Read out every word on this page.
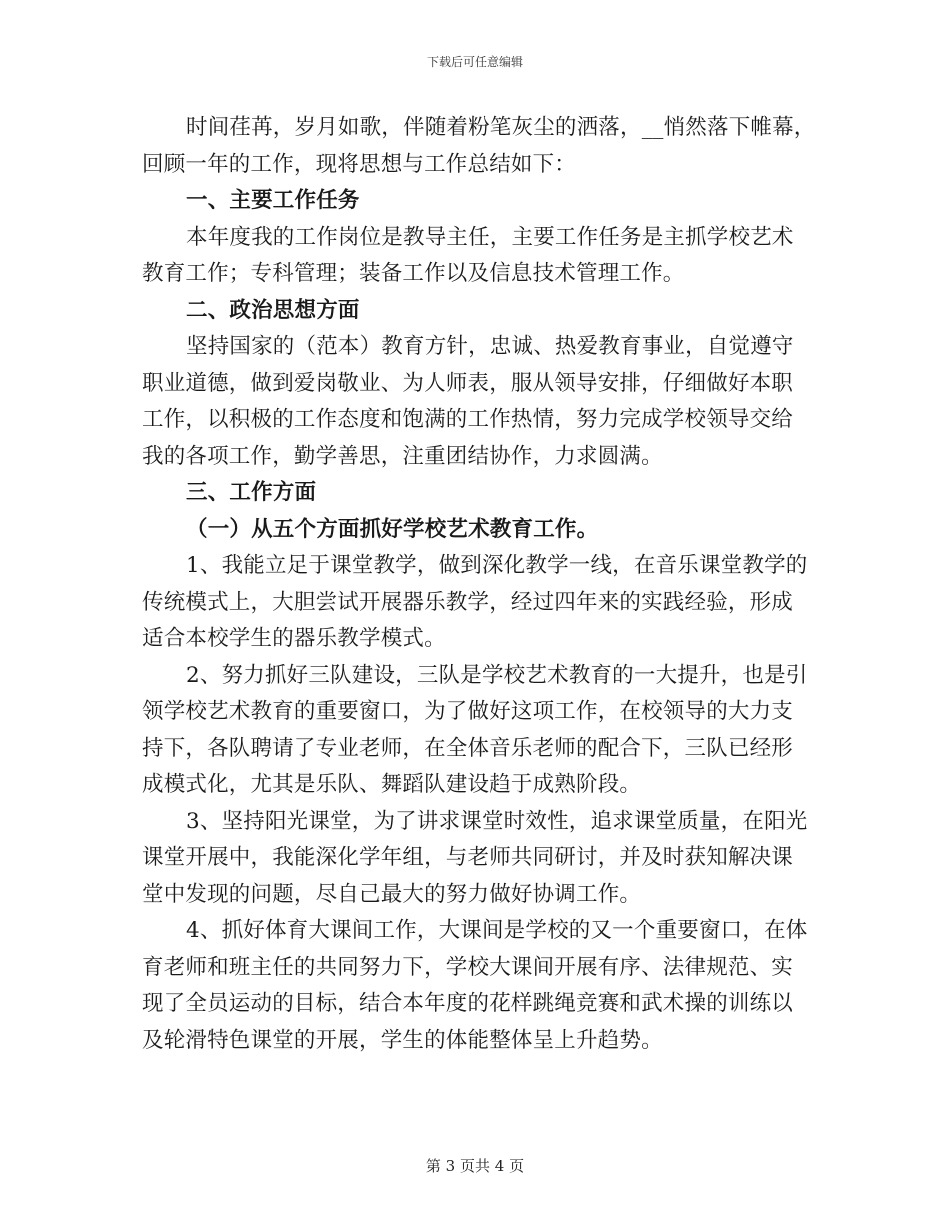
下载后可任意编辑
时间荏苒，岁月如歌，伴随着粉笔灰尘的洒落，__悄然落下帷幕，
回顾一年的工作，现将思想与工作总结如下：
一、主要工作任务
本年度我的工作岗位是教导主任，主要工作任务是主抓学校艺术
教育工作；专科管理；装备工作以及信息技术管理工作。
二、政治思想方面
坚持国家的（范本）教育方针，忠诚、热爱教育事业，自觉遵守
职业道德，做到爱岗敬业、为人师表，服从领导安排，仔细做好本职
工作，以积极的工作态度和饱满的工作热情，努力完成学校领导交给
我的各项工作，勤学善思，注重团结协作，力求圆满。
三、工作方面
（一）从五个方面抓好学校艺术教育工作。
1、我能立足于课堂教学，做到深化教学一线，在音乐课堂教学的
传统模式上，大胆尝试开展器乐教学，经过四年来的实践经验，形成
适合本校学生的器乐教学模式。
2、努力抓好三队建设，三队是学校艺术教育的一大提升，也是引
领学校艺术教育的重要窗口，为了做好这项工作，在校领导的大力支
持下，各队聘请了专业老师，在全体音乐老师的配合下，三队已经形
成模式化，尤其是乐队、舞蹈队建设趋于成熟阶段。
3、坚持阳光课堂，为了讲求课堂时效性，追求课堂质量，在阳光
课堂开展中，我能深化学年组，与老师共同研讨，并及时获知解决课
堂中发现的问题，尽自己最大的努力做好协调工作。
4、抓好体育大课间工作，大课间是学校的又一个重要窗口，在体
育老师和班主任的共同努力下，学校大课间开展有序、法律规范、实
现了全员运动的目标，结合本年度的花样跳绳竞赛和武术操的训练以
及轮滑特色课堂的开展，学生的体能整体呈上升趋势。
第 3 页共 4 页
